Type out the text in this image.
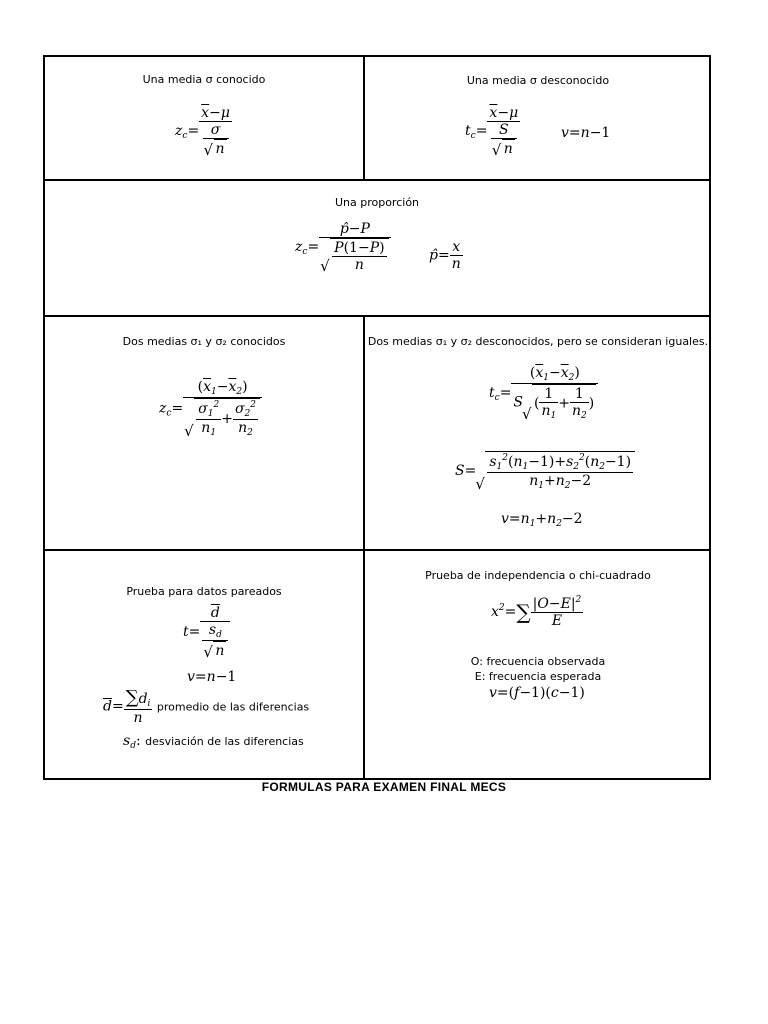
Una media σ conocido
$z_c= \overline{x}-\mu$
σ
√ n
Una media σ desconocido
$t_c= \overline{x}-\mu$
S
√ n	v=n−1
Una proporción
$z_c=$ p̂−P
√ $\frac{P(1-P)}{n}$	p̂= $\frac{x}{n}$
Dos medias σ₁ y σ₂ conocidos
$z_c= (\overline{x}_1-\overline{x}_2)$
√ $\frac{\sigma_1^2}{n_1} + \frac{\sigma_2^2}{n_2}$
Dos medias σ₁ y σ₂ desconocidos, pero se consideran iguales.
$t_c= \frac{(\overline{x}_1-\overline{x}_2)}{S √ ( \frac{1}{n_1} + \frac{1}{n_2} )}$
S= √ $\frac{s_1^2(n_1-1)+s_2^2(n_2-1)}{n_1+n_2-2}$
$v=n_1+n_2-2$
Prueba para datos pareados
$t= \overline{d}$
$s_d$
√ n
v=n−1
$\overline{d}= \frac{\sum d_i}{n}$ promedio de las diferencias
$s_d$: desviación de las diferencias
Prueba de independencia o chi-cuadrado
$x^2=\sum \frac{|O-E|^2}{E}$
O: frecuencia observada
E: frecuencia esperada
v=(f−1)(c−1)
FORMULAS PARA EXAMEN FINAL MECS
